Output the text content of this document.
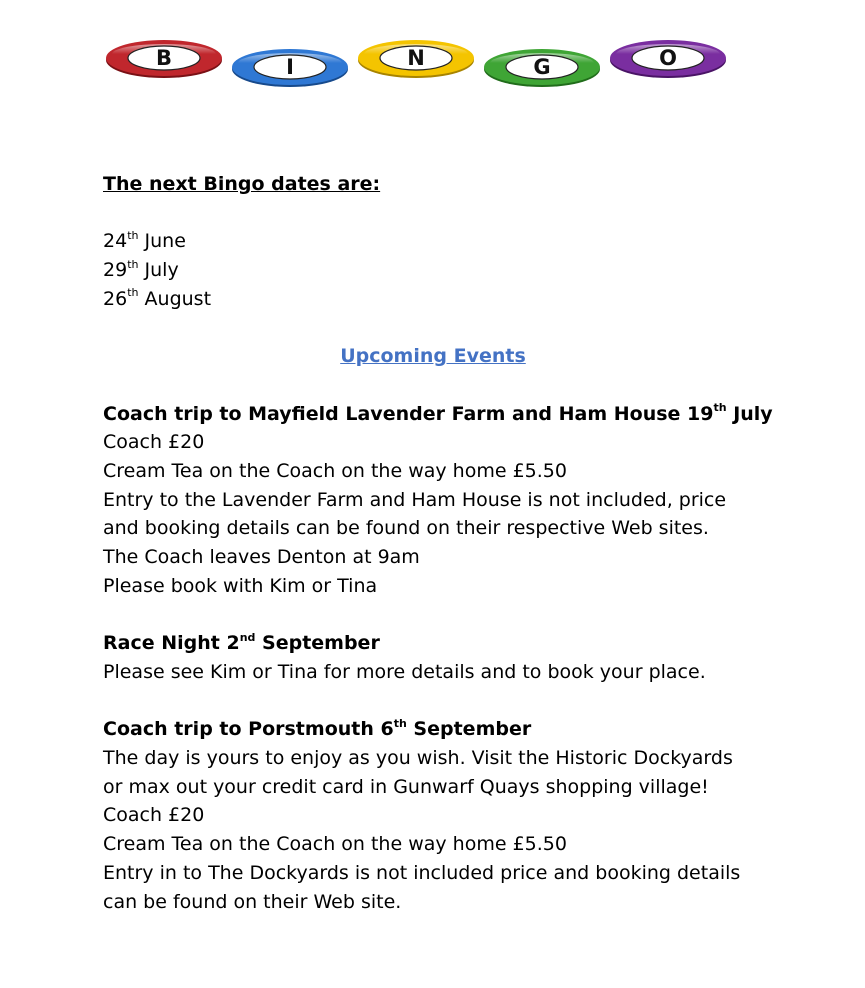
B	I	N	G	O
The next Bingo dates are:
24th June
29th July
26th August
Upcoming Events
Coach trip to Mayfield Lavender Farm and Ham House 19th July
Coach £20
Cream Tea on the Coach on the way home £5.50
Entry to the Lavender Farm and Ham House is not included, price
and booking details can be found on their respective Web sites.
The Coach leaves Denton at 9am
Please book with Kim or Tina
Race Night 2nd September
Please see Kim or Tina for more details and to book your place.
Coach trip to Porstmouth 6th September
The day is yours to enjoy as you wish. Visit the Historic Dockyards
or max out your credit card in Gunwarf Quays shopping village!
Coach £20
Cream Tea on the Coach on the way home £5.50
Entry in to The Dockyards is not included price and booking details
can be found on their Web site.
